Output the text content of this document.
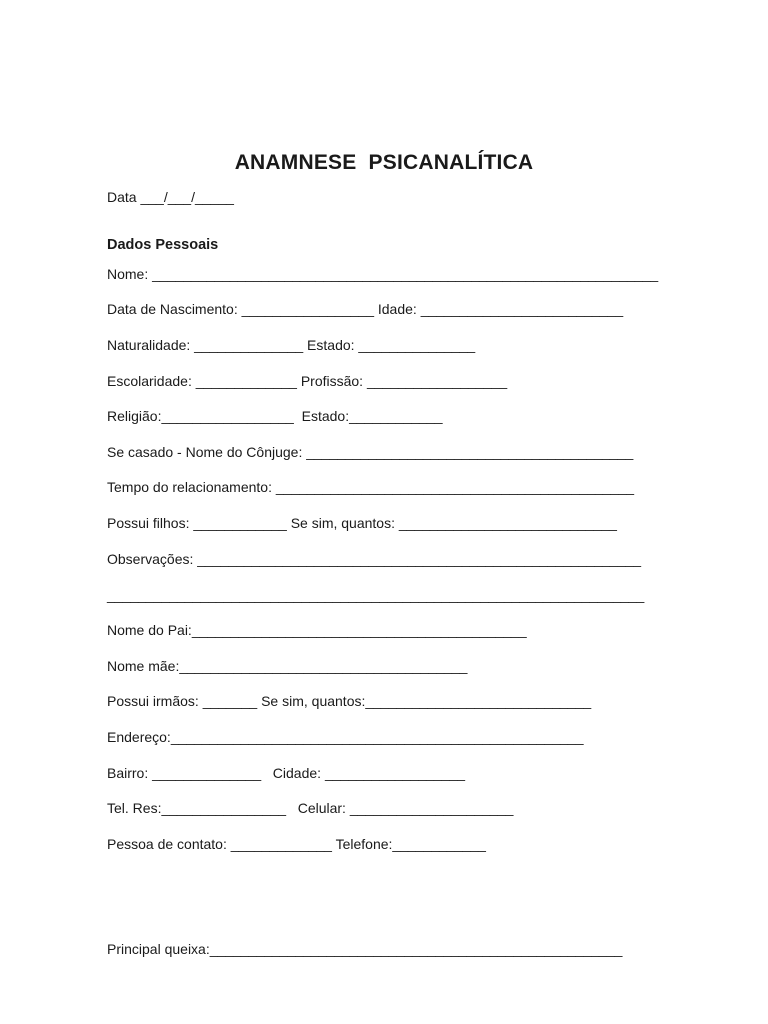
ANAMNESE  PSICANALÍTICA
Data ___/___/_____
Dados Pessoais
Nome: _________________________________________________________________
Data de Nascimento: _________________ Idade: __________________________
Naturalidade: ______________ Estado: _______________
Escolaridade: _____________ Profissão: __________________
Religião:_________________  Estado:____________
Se casado - Nome do Cônjuge: __________________________________________
Tempo do relacionamento: ______________________________________________
Possui filhos: ____________ Se sim, quantos: ____________________________
Observações: _________________________________________________________
_____________________________________________________________________
Nome do Pai:___________________________________________
Nome mãe:_____________________________________
Possui irmãos: _______ Se sim, quantos:_____________________________
Endereço:_____________________________________________________
Bairro: ______________   Cidade: __________________
Tel. Res:________________   Celular: _____________________
Pessoa de contato: _____________ Telefone:____________
Principal queixa:_____________________________________________________
